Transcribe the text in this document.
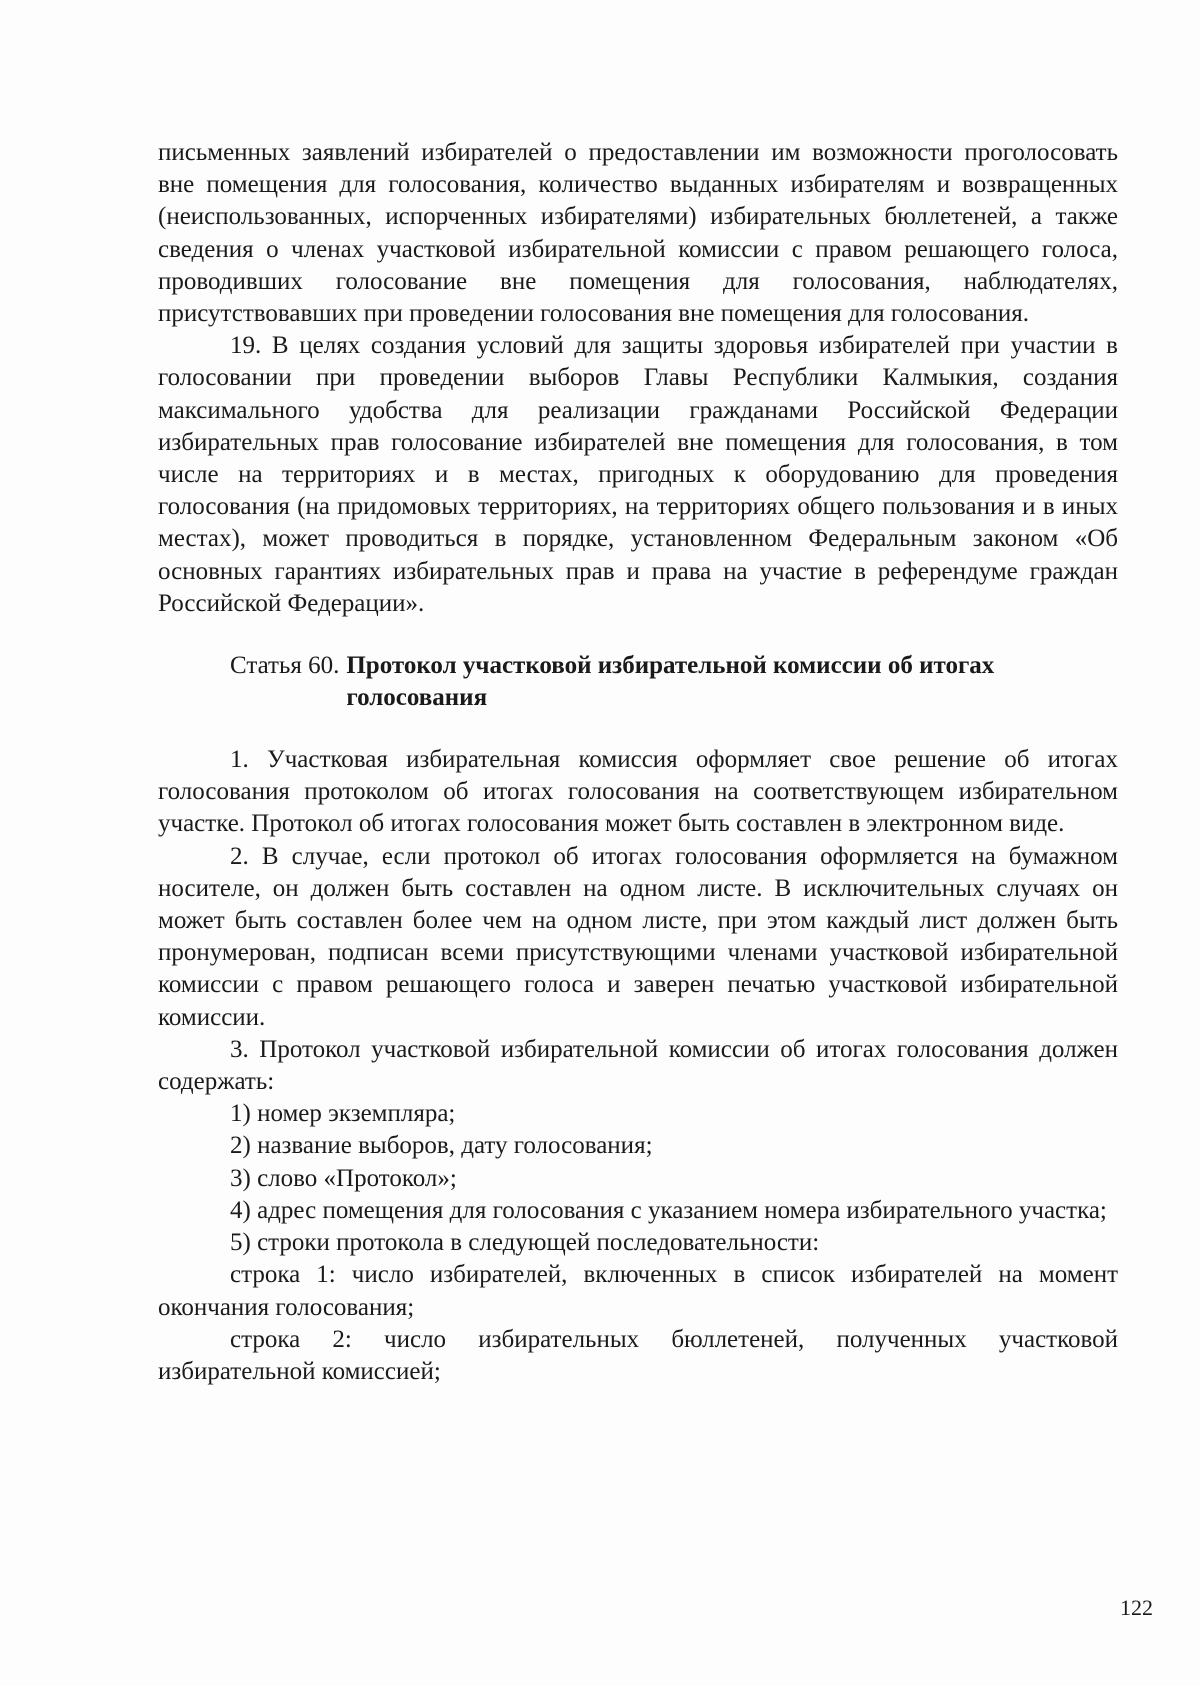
письменных заявлений избирателей о предоставлении им возможности проголосовать вне помещения для голосования, количество выданных избирателям и возвращенных (неиспользованных, испорченных избирателями) избирательных бюллетеней, а также сведения о членах участковой избирательной комиссии с правом решающего голоса, проводивших голосование вне помещения для голосования, наблюдателях, присутствовавших при проведении голосования вне помещения для голосования.

19. В целях создания условий для защиты здоровья избирателей при участии в голосовании при проведении выборов Главы Республики Калмыкия, создания максимального удобства для реализации гражданами Российской Федерации избирательных прав голосование избирателей вне помещения для голосования, в том числе на территориях и в местах, пригодных к оборудованию для проведения голосования (на придомовых территориях, на территориях общего пользования и в иных местах), может проводиться в порядке, установленном Федеральным законом «Об основных гарантиях избирательных прав и права на участие в референдуме граждан Российской Федерации».

Статья 60. Протокол участковой избирательной комиссии об итогах голосования

1. Участковая избирательная комиссия оформляет свое решение об итогах голосования протоколом об итогах голосования на соответствующем избирательном участке. Протокол об итогах голосования может быть составлен в электронном виде.

2. В случае, если протокол об итогах голосования оформляется на бумажном носителе, он должен быть составлен на одном листе. В исключительных случаях он может быть составлен более чем на одном листе, при этом каждый лист должен быть пронумерован, подписан всеми присутствующими членами участковой избирательной комиссии с правом решающего голоса и заверен печатью участковой избирательной комиссии.

3. Протокол участковой избирательной комиссии об итогах голосования должен содержать:

1) номер экземпляра;

2) название выборов, дату голосования;

3) слово «Протокол»;

4) адрес помещения для голосования с указанием номера избирательного участка;

5) строки протокола в следующей последовательности:

строка 1: число избирателей, включенных в список избирателей на момент окончания голосования;

строка 2: число избирательных бюллетеней, полученных участковой избирательной комиссией;

122
